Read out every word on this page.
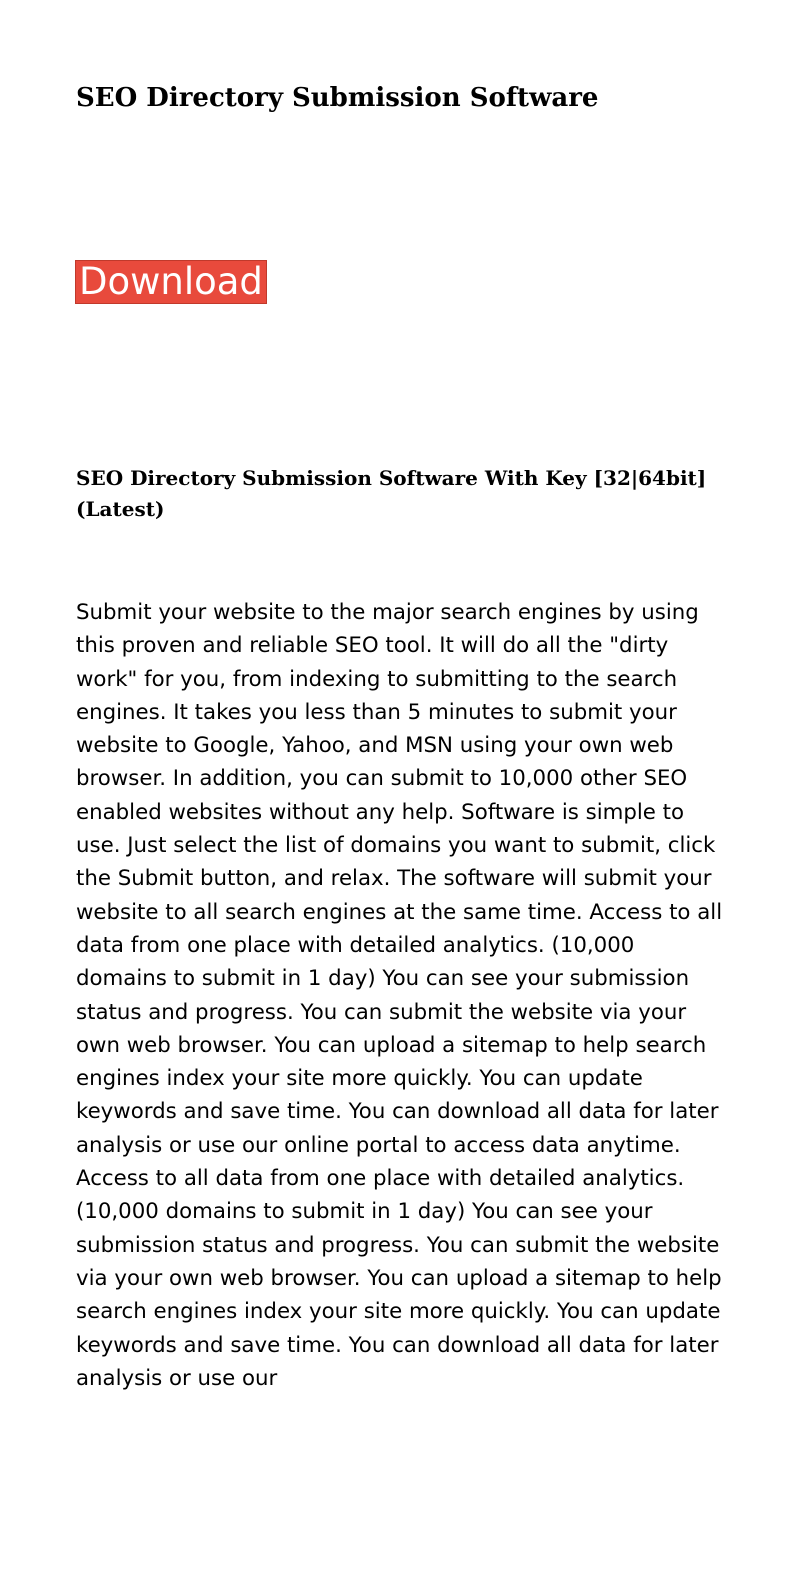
SEO Directory Submission Software
Download
SEO Directory Submission Software With Key [32|64bit] (Latest)

Submit your website to the major search engines by using this proven and reliable SEO tool. It will do all the "dirty work" for you, from indexing to submitting to the search engines. It takes you less than 5 minutes to submit your website to Google, Yahoo, and MSN using your own web browser. In addition, you can submit to 10,000 other SEO enabled websites without any help. Software is simple to use. Just select the list of domains you want to submit, click the Submit button, and relax. The software will submit your website to all search engines at the same time. Access to all data from one place with detailed analytics. (10,000 domains to submit in 1 day) You can see your submission status and progress. You can submit the website via your own web browser. You can upload a sitemap to help search engines index your site more quickly. You can update keywords and save time. You can download all data for later analysis or use our online portal to access data anytime. Access to all data from one place with detailed analytics. (10,000 domains to submit in 1 day) You can see your submission status and progress. You can submit the website via your own web browser. You can upload a sitemap to help search engines index your site more quickly. You can update keywords and save time. You can download all data for later analysis or use our
